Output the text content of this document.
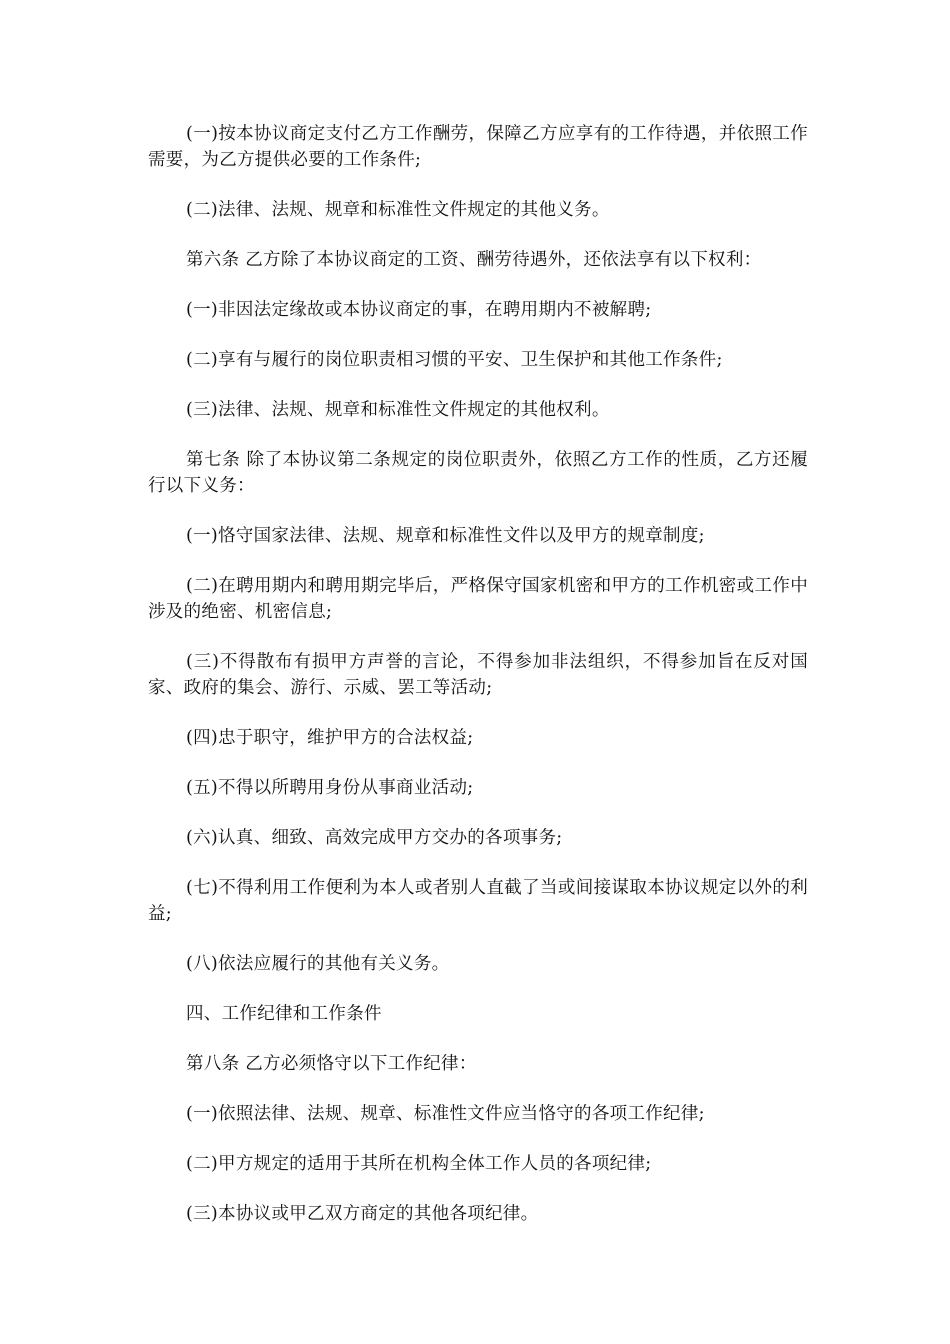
(一)按本协议商定支付乙方工作酬劳，保障乙方应享有的工作待遇，并依照工作需要，为乙方提供必要的工作条件;

(二)法律、法规、规章和标准性文件规定的其他义务。

第六条 乙方除了本协议商定的工资、酬劳待遇外，还依法享有以下权利：

(一)非因法定缘故或本协议商定的事，在聘用期内不被解聘;

(二)享有与履行的岗位职责相习惯的平安、卫生保护和其他工作条件;

(三)法律、法规、规章和标准性文件规定的其他权利。

第七条 除了本协议第二条规定的岗位职责外，依照乙方工作的性质，乙方还履行以下义务：

(一)恪守国家法律、法规、规章和标准性文件以及甲方的规章制度;

(二)在聘用期内和聘用期完毕后，严格保守国家机密和甲方的工作机密或工作中涉及的绝密、机密信息;

(三)不得散布有损甲方声誉的言论，不得参加非法组织，不得参加旨在反对国家、政府的集会、游行、示威、罢工等活动;

(四)忠于职守，维护甲方的合法权益;

(五)不得以所聘用身份从事商业活动;

(六)认真、细致、高效完成甲方交办的各项事务;

(七)不得利用工作便利为本人或者别人直截了当或间接谋取本协议规定以外的利益;

(八)依法应履行的其他有关义务。

四、工作纪律和工作条件

第八条 乙方必须恪守以下工作纪律：

(一)依照法律、法规、规章、标准性文件应当恪守的各项工作纪律;

(二)甲方规定的适用于其所在机构全体工作人员的各项纪律;

(三)本协议或甲乙双方商定的其他各项纪律。
